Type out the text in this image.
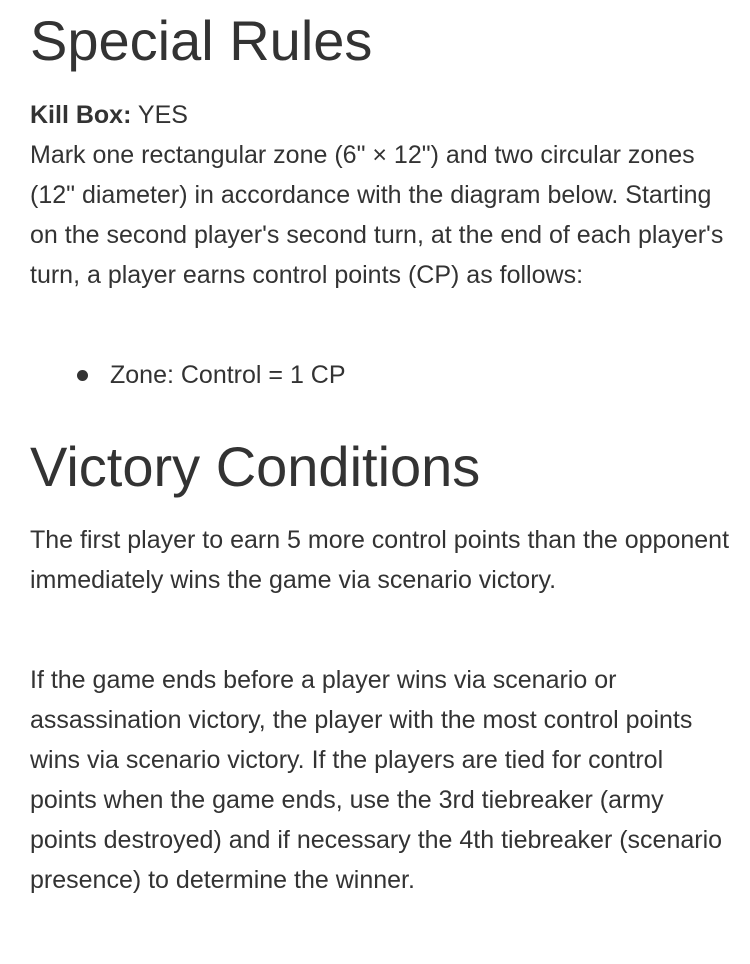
Special Rules

Kill Box: YES

Mark one rectangular zone (6" × 12") and two circular zones (12" diameter) in accordance with the diagram below. Starting on the second player's second turn, at the end of each player's turn, a player earns control points (CP) as follows:

Zone: Control = 1 CP
Victory Conditions

The first player to earn 5 more control points than the opponent immediately wins the game via scenario victory.

If the game ends before a player wins via scenario or assassination victory, the player with the most control points wins via scenario victory. If the players are tied for control points when the game ends, use the 3rd tiebreaker (army points destroyed) and if necessary the 4th tiebreaker (scenario presence) to determine the winner.
